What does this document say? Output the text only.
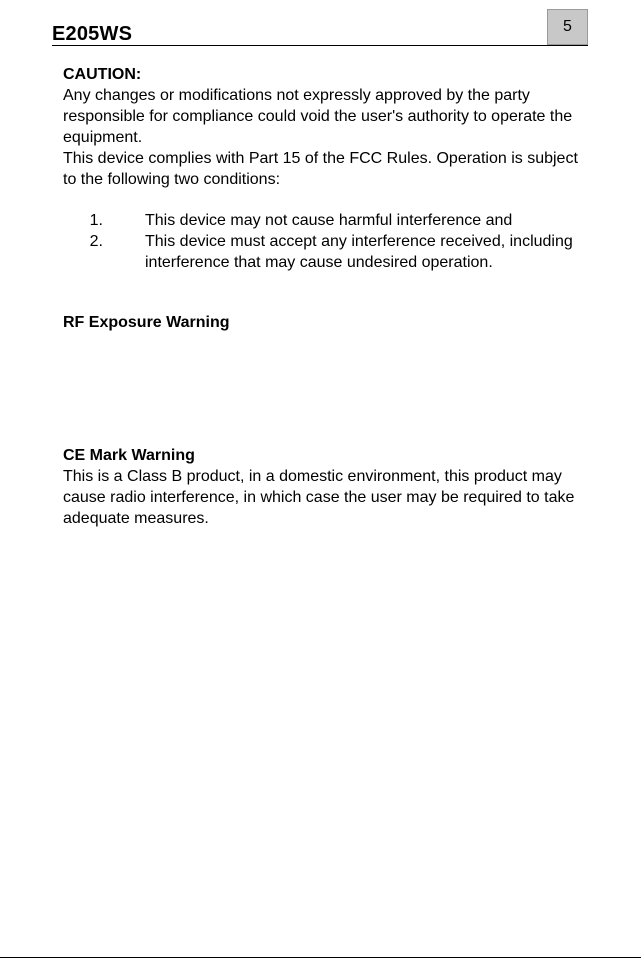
E205WS	5

CAUTION:

Any changes or modifications not expressly approved by the party responsible for compliance could void the user's authority to operate the equipment.

This device complies with Part 15 of the FCC Rules. Operation is subject to the following two conditions:

1.	This device may not cause harmful interference and
2.	This device must accept any interference received, including interference that may cause undesired operation.
RF Exposure Warning

CE Mark Warning

This is a Class B product, in a domestic environment, this product may cause radio interference, in which case the user may be required to take adequate measures.
